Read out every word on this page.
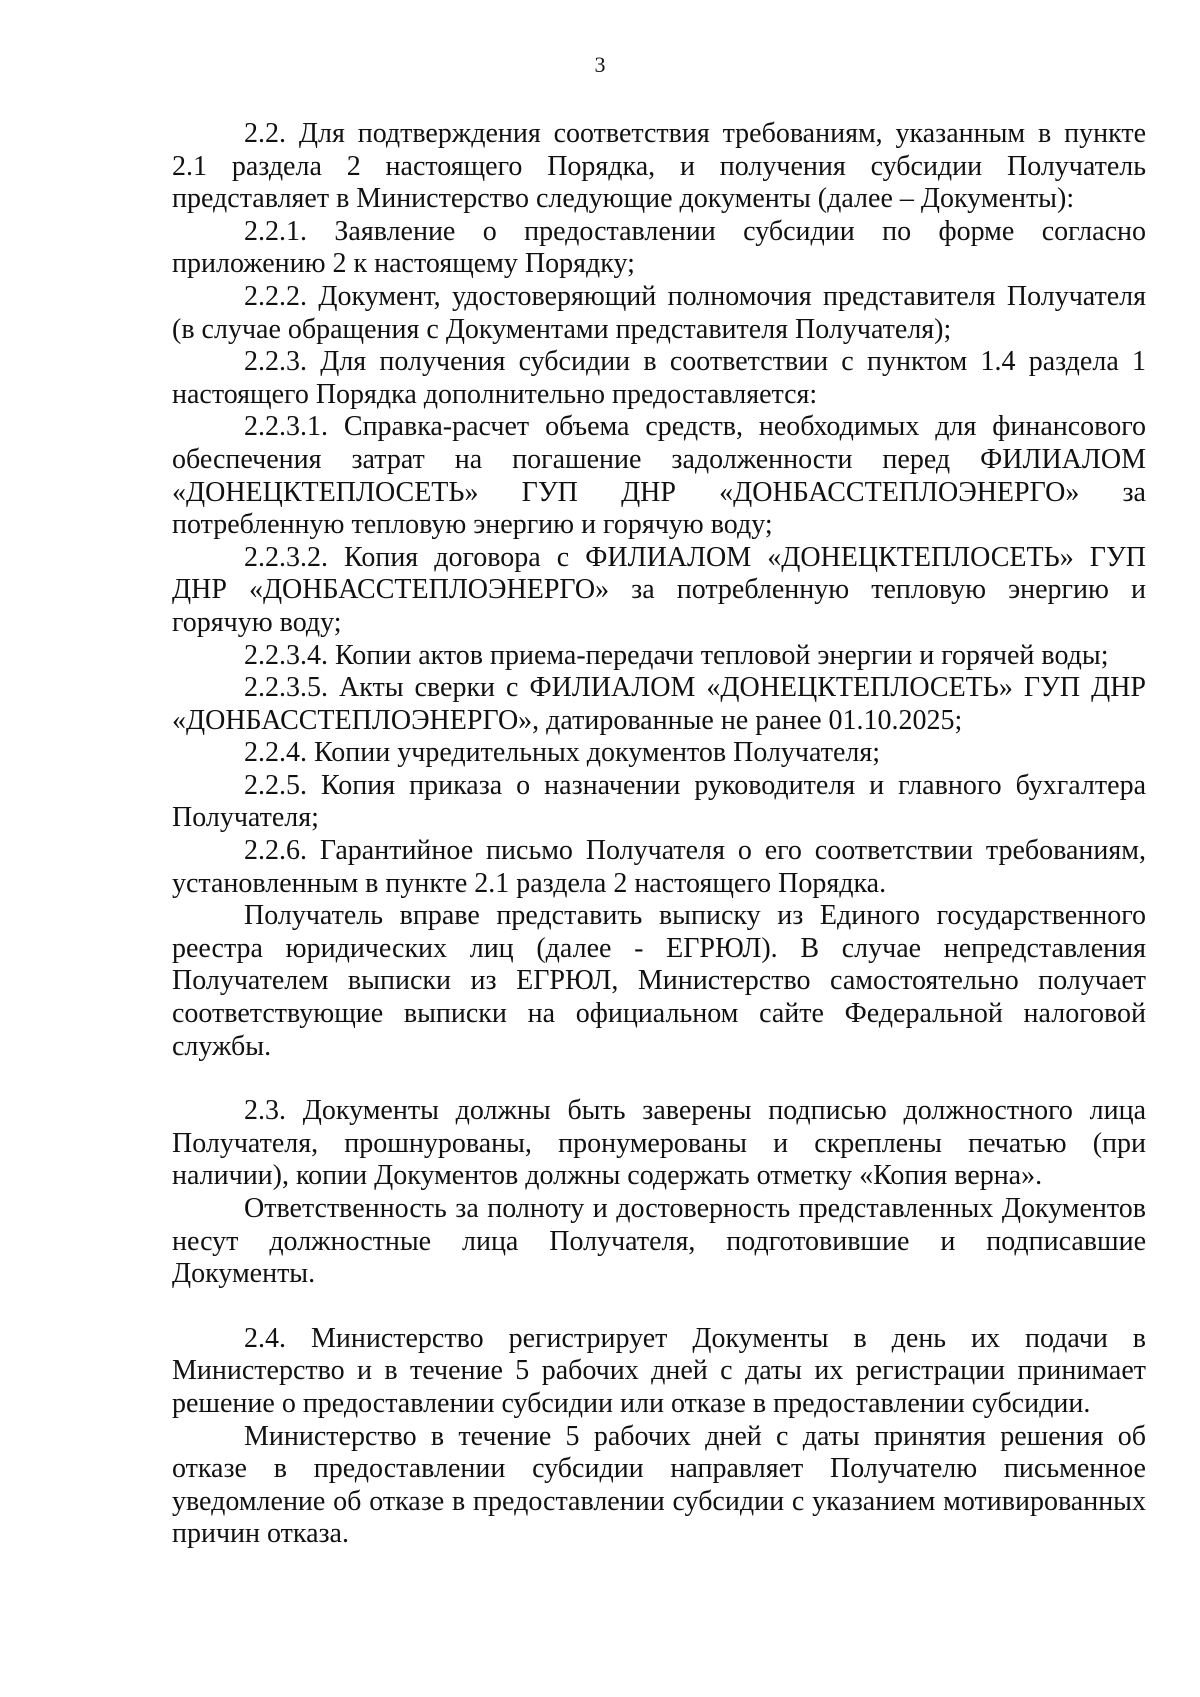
3

2.2. Для подтверждения соответствия требованиям, указанным в пункте 2.1 раздела 2 настоящего Порядка, и получения субсидии Получатель представляет в Министерство следующие документы (далее – Документы):

2.2.1. Заявление о предоставлении субсидии по форме согласно приложению 2 к настоящему Порядку;

2.2.2. Документ, удостоверяющий полномочия представителя Получателя (в случае обращения с Документами представителя Получателя);

2.2.3. Для получения субсидии в соответствии с пунктом 1.4 раздела 1 настоящего Порядка дополнительно предоставляется:

2.2.3.1. Справка-расчет объема средств, необходимых для финансового обеспечения затрат на погашение задолженности перед ФИЛИАЛОМ «ДОНЕЦКТЕПЛОСЕТЬ» ГУП ДНР «ДОНБАССТЕПЛОЭНЕРГО» за потребленную тепловую энергию и горячую воду;

2.2.3.2. Копия договора с ФИЛИАЛОМ «ДОНЕЦКТЕПЛОСЕТЬ» ГУП ДНР «ДОНБАССТЕПЛОЭНЕРГО» за потребленную тепловую энергию и горячую воду;

2.2.3.4. Копии актов приема-передачи тепловой энергии и горячей воды;

2.2.3.5. Акты сверки с ФИЛИАЛОМ «ДОНЕЦКТЕПЛОСЕТЬ» ГУП ДНР «ДОНБАССТЕПЛОЭНЕРГО», датированные не ранее 01.10.2025;

2.2.4. Копии учредительных документов Получателя;

2.2.5. Копия приказа о назначении руководителя и главного бухгалтера Получателя;

2.2.6. Гарантийное письмо Получателя о его соответствии требованиям, установленным в пункте 2.1 раздела 2 настоящего Порядка.

Получатель вправе представить выписку из Единого государственного реестра юридических лиц (далее - ЕГРЮЛ). В случае непредставления Получателем выписки из ЕГРЮЛ, Министерство самостоятельно получает соответствующие выписки на официальном сайте Федеральной налоговой службы.

2.3. Документы должны быть заверены подписью должностного лица Получателя, прошнурованы, пронумерованы и скреплены печатью (при наличии), копии Документов должны содержать отметку «Копия верна».

Ответственность за полноту и достоверность представленных Документов несут должностные лица Получателя, подготовившие и подписавшие Документы.

2.4. Министерство регистрирует Документы в день их подачи в Министерство и в течение 5 рабочих дней с даты их регистрации принимает решение о предоставлении субсидии или отказе в предоставлении субсидии.

Министерство в течение 5 рабочих дней с даты принятия решения об отказе в предоставлении субсидии направляет Получателю письменное уведомление об отказе в предоставлении субсидии с указанием мотивированных причин отказа.
